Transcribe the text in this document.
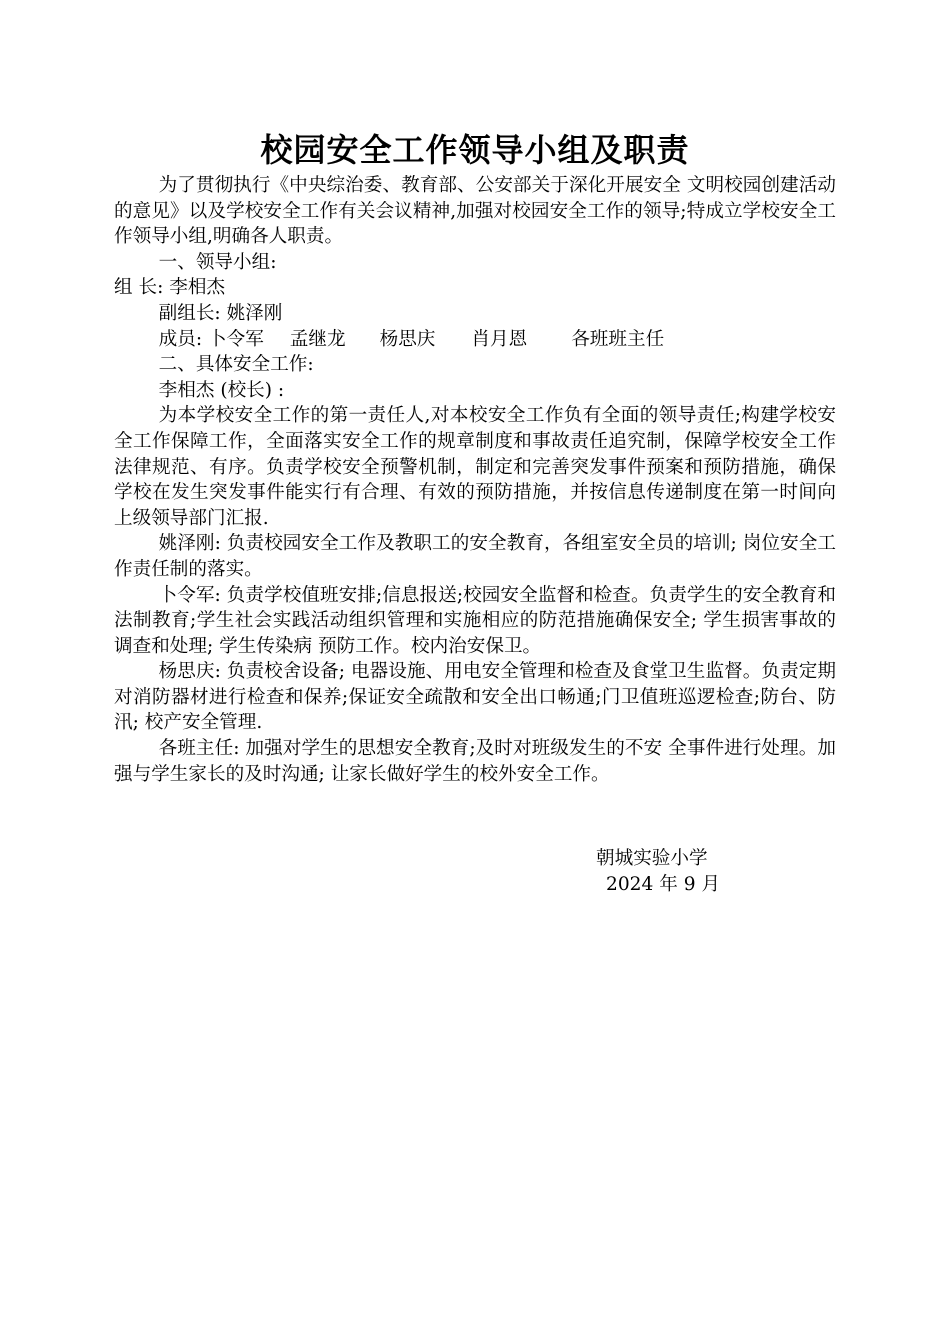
校园安全工作领导小组及职责

为了贯彻执行《中央综治委、教育部、公安部关于深化开展安全 文明校园创建活动的意见》以及学校安全工作有关会议精神,加强对校园安全工作的领导;特成立学校安全工作领导小组,明确各人职责。

一、领导小组:

组 长: 李相杰

副组长: 姚泽刚

成员: 卜令军 孟继龙 杨思庆 肖月恩 各班班主任

二、具体安全工作:

李相杰 (校长) :

为本学校安全工作的第一责任人,对本校安全工作负有全面的领导责任;构建学校安全工作保障工作，全面落实安全工作的规章制度和事故责任追究制，保障学校安全工作法律规范、有序。负责学校安全预警机制，制定和完善突发事件预案和预防措施，确保 学校在发生突发事件能实行有合理、有效的预防措施，并按信息传递制度在第一时间向上级领导部门汇报.

姚泽刚: 负责校园安全工作及教职工的安全教育，各组室安全员的培训; 岗位安全工作责任制的落实。

卜令军: 负责学校值班安排;信息报送;校园安全监督和检查。负责学生的安全教育和法制教育;学生社会实践活动组织管理和实施相应的防范措施确保安全; 学生损害事故的调查和处理; 学生传染病 预防工作。校内治安保卫。

杨思庆: 负责校舍设备; 电器设施、用电安全管理和检查及食堂卫生监督。负责定期对消防器材进行检查和保养;保证安全疏散和安全出口畅通;门卫值班巡逻检查;防台、防汛; 校产安全管理.

各班主任: 加强对学生的思想安全教育;及时对班级发生的不安 全事件进行处理。加强与学生家长的及时沟通; 让家长做好学生的校外安全工作。

朝城实验小学
2024 年 9 月
